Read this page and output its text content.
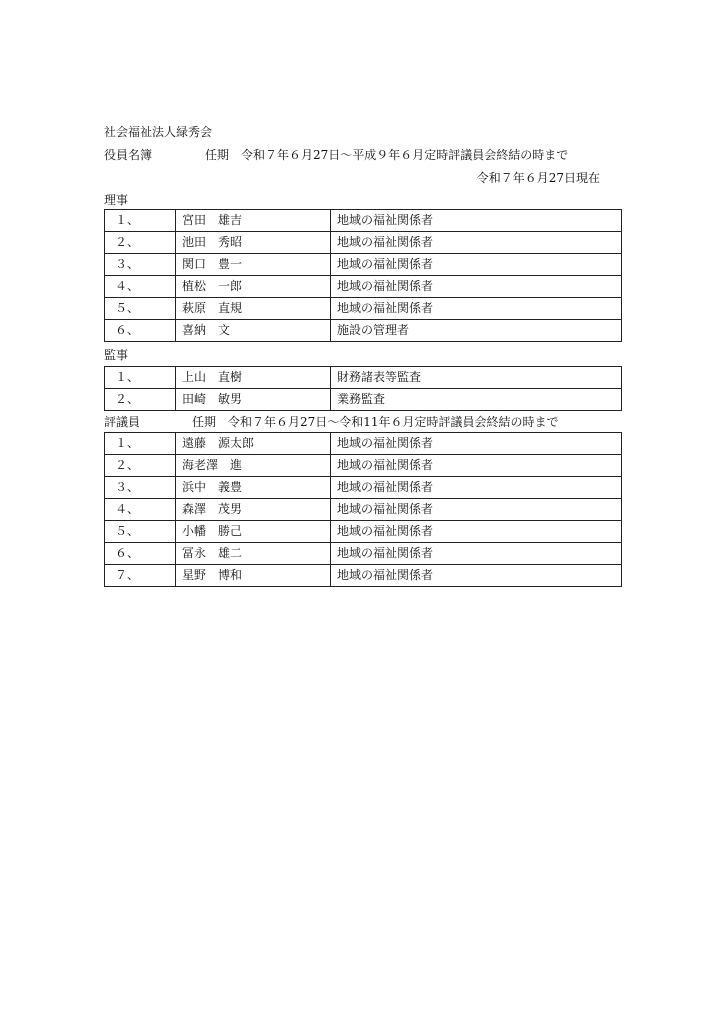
社会福祉法人緑秀会
役員名簿	任期　令和７年６月27日～平成９年６月定時評議員会終結の時まで
令和７年６月27日現在
理事
１、	宮田　雄吉	地域の福祉関係者
２、	池田　秀昭	地域の福祉関係者
３、	関口　豊一	地域の福祉関係者
４、	植松　一郎	地域の福祉関係者
５、	萩原　直規	地域の福祉関係者
６、	喜納　文	施設の管理者
監事
１、	上山　直樹	財務諸表等監査
２、	田崎　敏男	業務監査
評議員	任期　令和７年６月27日～令和11年６月定時評議員会終結の時まで
１、	遠藤　源太郎	地域の福祉関係者
２、	海老澤　進	地域の福祉関係者
３、	浜中　義豊	地域の福祉関係者
４、	森澤　茂男	地域の福祉関係者
５、	小幡　勝己	地域の福祉関係者
６、	冨永　雄二	地域の福祉関係者
７、	星野　博和	地域の福祉関係者
